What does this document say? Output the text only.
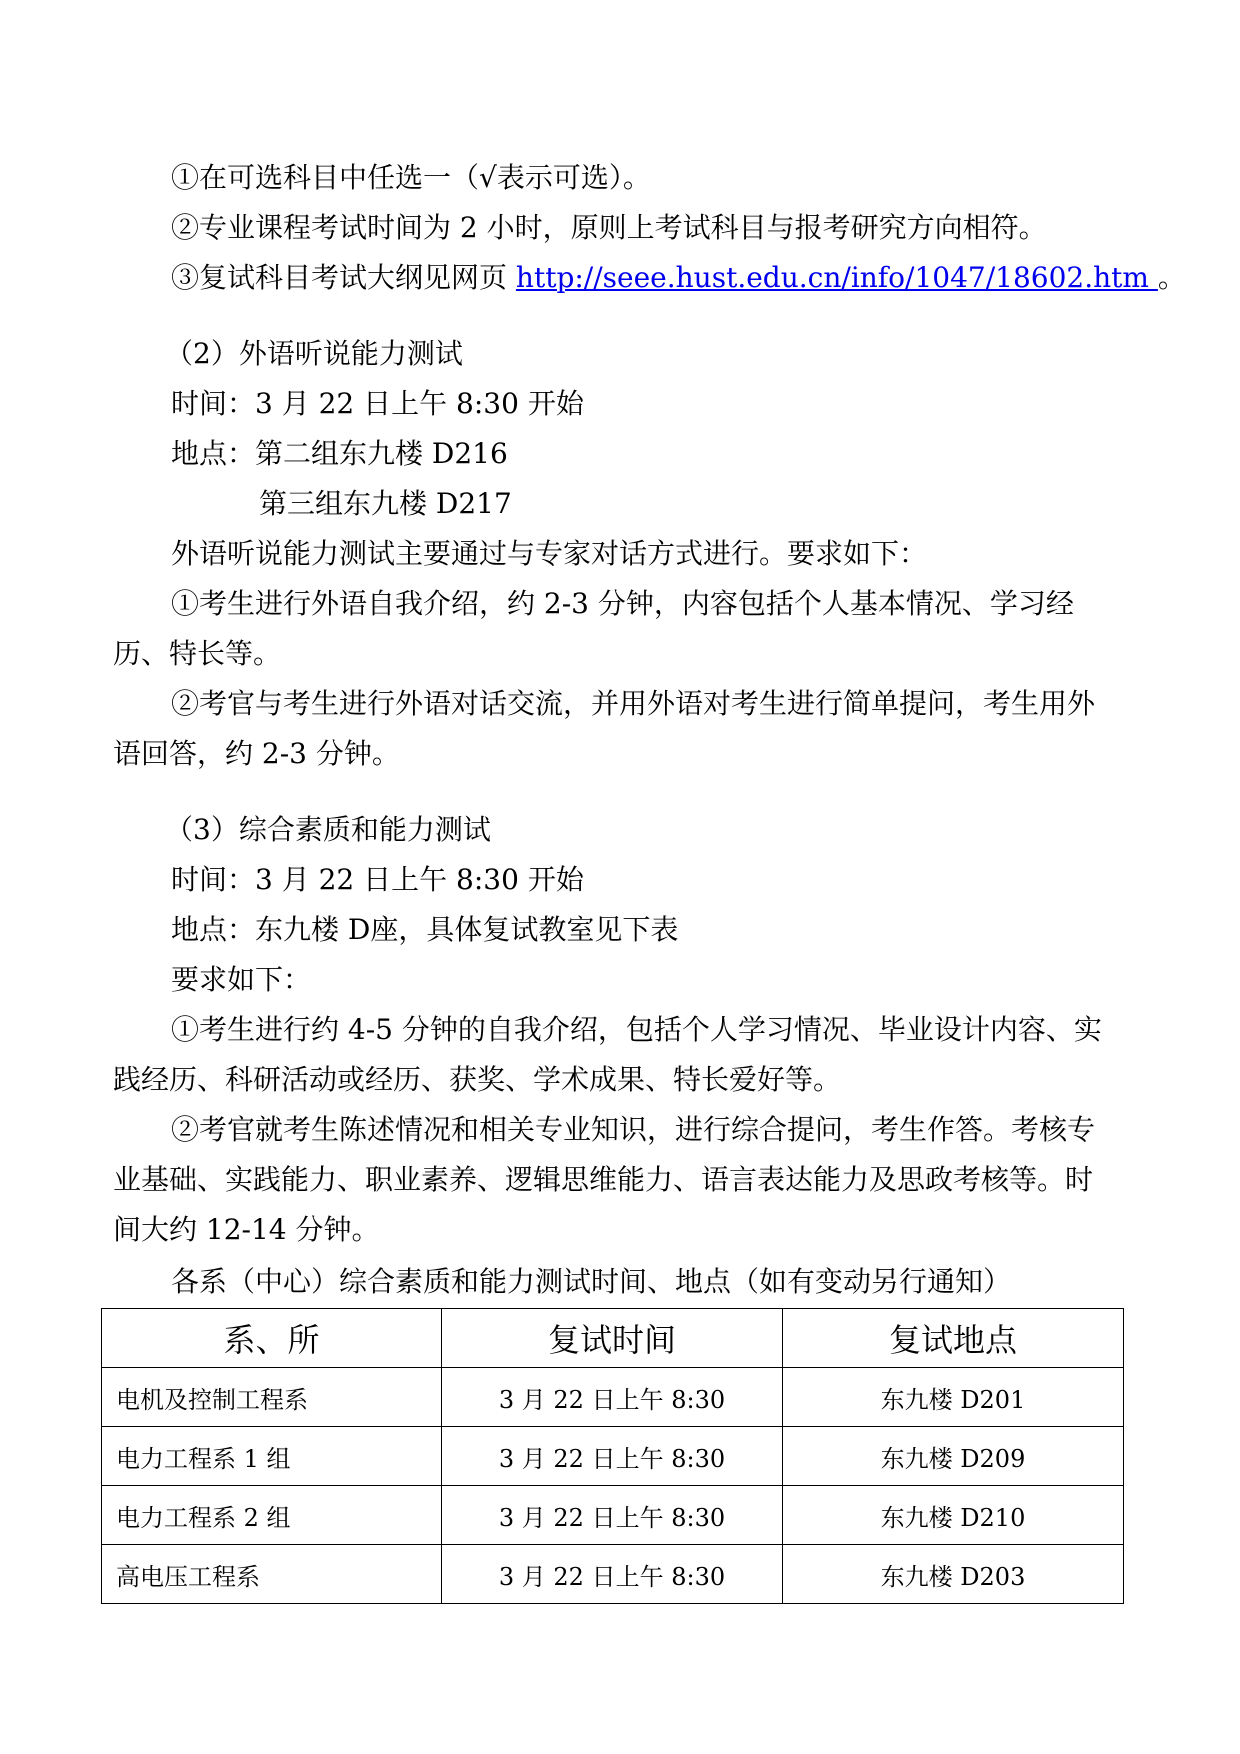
①在可选科目中任选一（√表示可选）。
②专业课程考试时间为 2 小时，原则上考试科目与报考研究方向相符。
③复试科目考试大纲见网页 http://seee.hust.edu.cn/info/1047/18602.htm 。
（2）外语听说能力测试
时间：3 月 22 日上午 8:30 开始
地点：第二组东九楼 D216
第三组东九楼 D217
外语听说能力测试主要通过与专家对话方式进行。要求如下：
①考生进行外语自我介绍，约 2-3 分钟，内容包括个人基本情况、学习经
历、特长等。
②考官与考生进行外语对话交流，并用外语对考生进行简单提问，考生用外
语回答，约 2-3 分钟。
（3）综合素质和能力测试
时间：3 月 22 日上午 8:30 开始
地点：东九楼 D座，具体复试教室见下表
要求如下：
①考生进行约 4-5 分钟的自我介绍，包括个人学习情况、毕业设计内容、实
践经历、科研活动或经历、获奖、学术成果、特长爱好等。
②考官就考生陈述情况和相关专业知识，进行综合提问，考生作答。考核专
业基础、实践能力、职业素养、逻辑思维能力、语言表达能力及思政考核等。时
间大约 12-14 分钟。
各系（中心）综合素质和能力测试时间、地点（如有变动另行通知）
系、所	复试时间	复试地点
电机及控制工程系	3 月 22 日上午 8:30	东九楼 D201
电力工程系 1 组	3 月 22 日上午 8:30	东九楼 D209
电力工程系 2 组	3 月 22 日上午 8:30	东九楼 D210
高电压工程系	3 月 22 日上午 8:30	东九楼 D203
